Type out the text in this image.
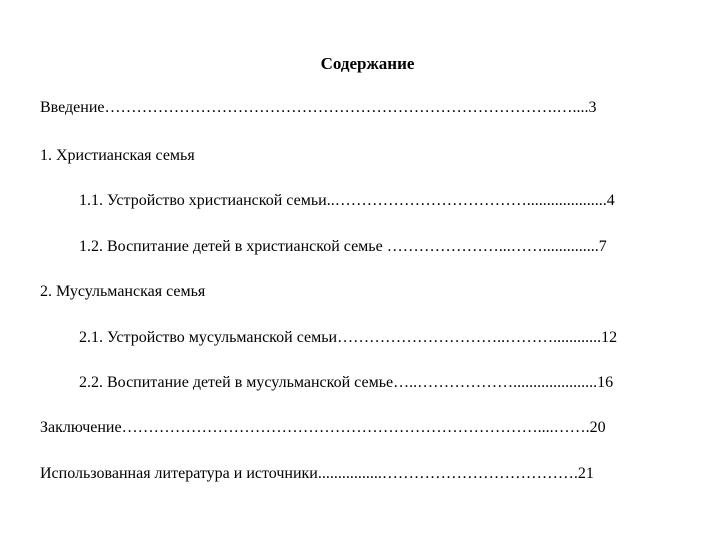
Содержание
Введение………………………………………………………………………….…....3
1. Христианская семья
1.1. Устройство христианской семьи..………………………………....................4
1.2. Воспитание детей в христианской семье …………………...……..............7
2. Мусульманская семья
2.1. Устройство мусульманской семьи…………………………..………............12
2.2. Воспитание детей в мусульманской семье…..……………….....................16
Заключение……………………………………………………………………....…….20
Использованная литература и источники................……………………………….21
